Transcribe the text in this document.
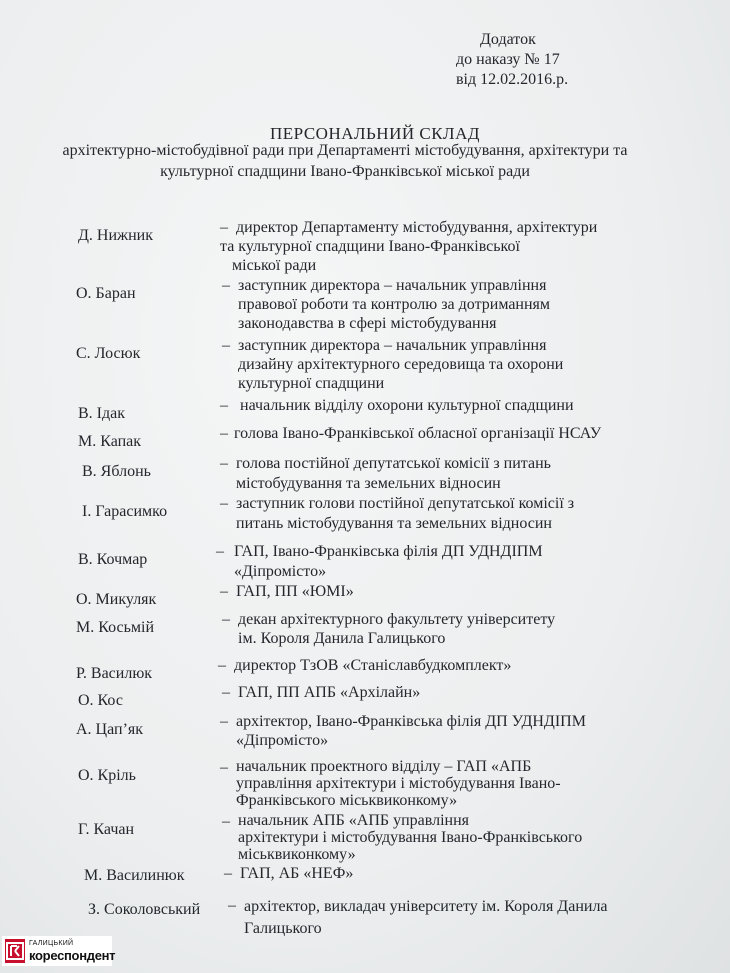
Додаток
до наказу № 17
від 12.02.2016.р.
ПЕРСОНАЛЬНИЙ СКЛАД
архітектурно-містобудівної ради при Департаменті містобудування, архітектури та
культурної спадщини Івано-Франківської міської ради
Д. Нижник	– директор Департаменту містобудування, архітектури
та культурної спадщини Івано-Франківської
міської ради
О. Баран	– заступник директора – начальник управління
правової роботи та контролю за дотриманням
законодавства в сфері містобудування
С. Лосюк	– заступник директора – начальник управління
дизайну архітектурного середовища та охорони
культурної спадщини
В. Ідак	– начальник відділу охорони культурної спадщини
М. Капак	– голова Івано-Франківської обласної організації НСАУ
В. Яблонь	– голова постійної депутатської комісії з питань
містобудування та земельних відносин
І. Гарасимко	– заступник голови постійної депутатської комісії з
питань містобудування та земельних відносин
В. Кочмар	– ГАП, Івано-Франківська філія ДП УДНДІПМ
«Діпромісто»
О. Микуляк	– ГАП, ПП «ЮМІ»
М. Косьмій	– декан архітектурного факультету університету
ім. Короля Данила Галицького
Р. Василюк	– директор ТзОВ «Станіславбудкомплект»
О. Кос	– ГАП, ПП АПБ «Архілайн»
А. Цап’як	– архітектор, Івано-Франківська філія ДП УДНДІПМ
«Діпромісто»
О. Кріль	– начальник проектного відділу – ГАП «АПБ
управління архітектури і містобудування Івано-
Франківського міськвиконкому»
Г. Качан	– начальник АПБ «АПБ управління
архітектури і містобудування Івано-Франківського
міськвиконкому»
М. Василинюк – ГАП, АБ «НЕФ»
З. Соколовський – архітектор, викладач університету ім. Короля Данила
Галицького
ГАЛИЦЬКИЙ
кореспондент
